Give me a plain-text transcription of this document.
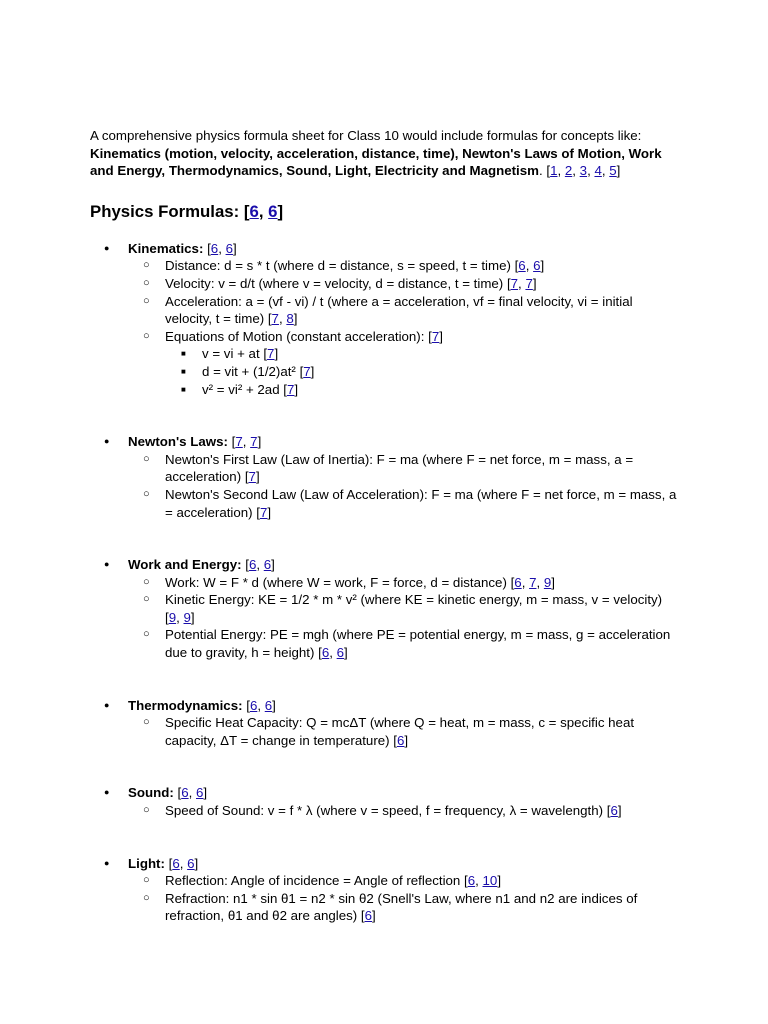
A comprehensive physics formula sheet for Class 10 would include formulas for concepts like: Kinematics (motion, velocity, acceleration, distance, time), Newton's Laws of Motion, Work and Energy, Thermodynamics, Sound, Light, Electricity and Magnetism. [1, 2, 3, 4, 5]

Physics Formulas: [6, 6]
● Kinematics: [6, 6]
○ Distance: d = s * t (where d = distance, s = speed, t = time) [6, 6]
○ Velocity: v = d/t (where v = velocity, d = distance, t = time) [7, 7]
○ Acceleration: a = (vf - vi) / t (where a = acceleration, vf = final velocity, vi = initial velocity, t = time) [7, 8]
○ Equations of Motion (constant acceleration): [7]
■ v = vi + at [7]
■ d = vit + (1/2)at² [7]
■ v² = vi² + 2ad [7]
● Newton's Laws: [7, 7]
○ Newton's First Law (Law of Inertia): F = ma (where F = net force, m = mass, a = acceleration) [7]
○ Newton's Second Law (Law of Acceleration): F = ma (where F = net force, m = mass, a = acceleration) [7]
● Work and Energy: [6, 6]
○ Work: W = F * d (where W = work, F = force, d = distance) [6, 7, 9]
○ Kinetic Energy: KE = 1/2 * m * v² (where KE = kinetic energy, m = mass, v = velocity) [9, 9]
○ Potential Energy: PE = mgh (where PE = potential energy, m = mass, g = acceleration due to gravity, h = height) [6, 6]
● Thermodynamics: [6, 6]
○ Specific Heat Capacity: Q = mcΔT (where Q = heat, m = mass, c = specific heat capacity, ΔT = change in temperature) [6]
● Sound: [6, 6]
○ Speed of Sound: v = f * λ (where v = speed, f = frequency, λ = wavelength) [6]
● Light: [6, 6]
○ Reflection: Angle of incidence = Angle of reflection [6, 10]
○ Refraction: n1 * sin θ1 = n2 * sin θ2 (Snell's Law, where n1 and n2 are indices of refraction, θ1 and θ2 are angles) [6]
